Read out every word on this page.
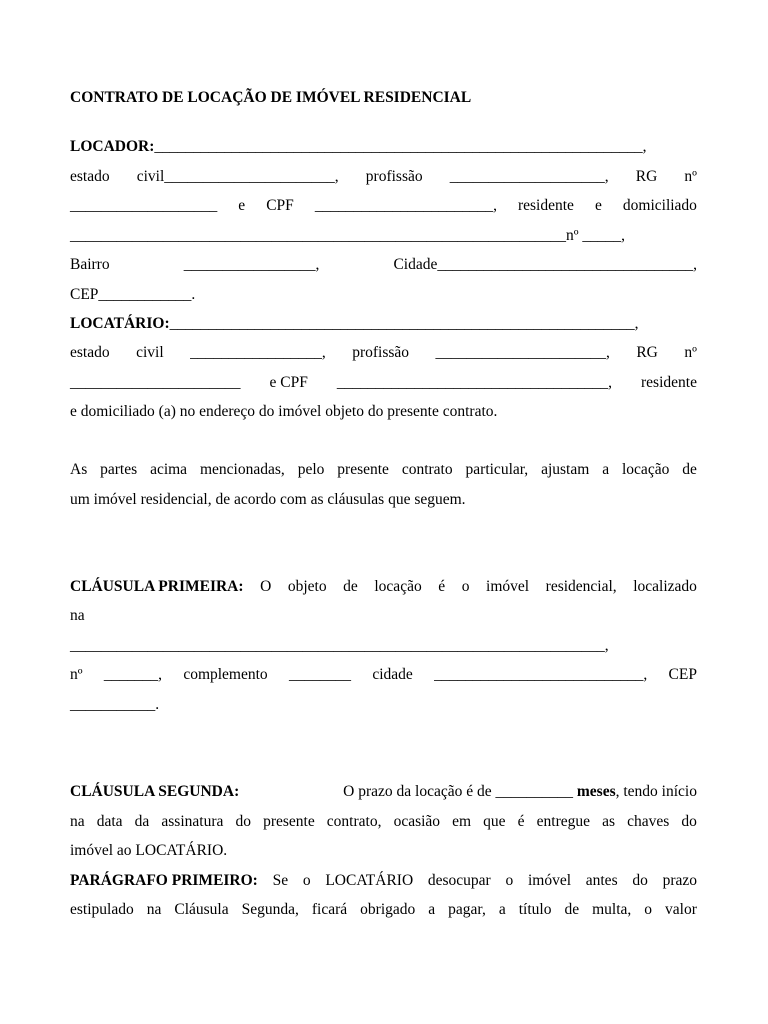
CONTRATO DE LOCAÇÃO DE IMÓVEL RESIDENCIAL
LOCADOR:_______________________________________________________________,
estado civil______________________, profissão ____________________, RG nº
___________________ e CPF _______________________, residente e domiciliado
________________________________________________________________nº _____,
Bairro	_________________,	Cidade_________________________________,
CEP____________.
LOCATÁRIO:____________________________________________________________,
estado civil _________________, profissão ______________________, RG nº
______________________ e CPF ___________________________________, residente
e domiciliado (a) no endereço do imóvel objeto do presente contrato.
As partes acima mencionadas, pelo presente contrato particular, ajustam a locação de
um imóvel residencial, de acordo com as cláusulas que seguem.
CLÁUSULA PRIMEIRA: O objeto de locação é o imóvel residencial, localizado
na
_____________________________________________________________________,
nº _______, complemento ________ cidade ___________________________, CEP
___________.
CLÁUSULA SEGUNDA:	O prazo da locação é de __________ meses, tendo início
na data da assinatura do presente contrato, ocasião em que é entregue as chaves do
imóvel ao LOCATÁRIO.
PARÁGRAFO PRIMEIRO: Se o LOCATÁRIO desocupar o imóvel antes do prazo
estipulado na Cláusula Segunda, ficará obrigado a pagar, a título de multa, o valor
